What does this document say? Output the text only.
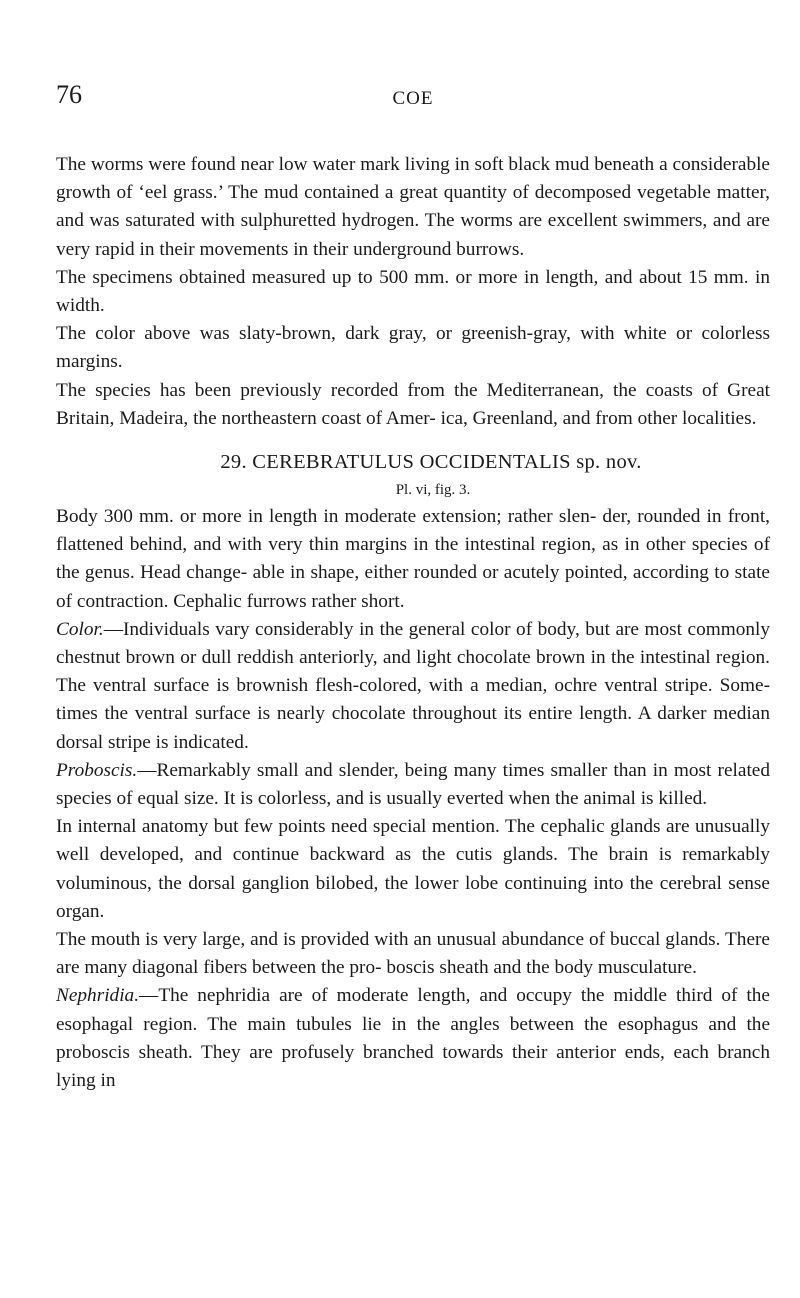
76	COE

The worms were found near low water mark living in soft black mud beneath a considerable growth of ‘eel grass.’ The mud contained a great quantity of decomposed vegetable matter, and was saturated with sulphuretted hydrogen. The worms are excellent swimmers, and are very rapid in their movements in their underground burrows.

The specimens obtained measured up to 500 mm. or more in length, and about 15 mm. in width.

The color above was slaty-brown, dark gray, or greenish-gray, with white or colorless margins.

The species has been previously recorded from the Mediterranean, the coasts of Great Britain, Madeira, the northeastern coast of Amer- ica, Greenland, and from other localities.

29. CEREBRATULUS OCCIDENTALIS sp. nov.
Pl. vi, fig. 3.

Body 300 mm. or more in length in moderate extension; rather slen- der, rounded in front, flattened behind, and with very thin margins in the intestinal region, as in other species of the genus. Head change- able in shape, either rounded or acutely pointed, according to state of contraction. Cephalic furrows rather short.

Color.—Individuals vary considerably in the general color of body, but are most commonly chestnut brown or dull reddish anteriorly, and light chocolate brown in the intestinal region. The ventral surface is brownish flesh-colored, with a median, ochre ventral stripe. Some- times the ventral surface is nearly chocolate throughout its entire length. A darker median dorsal stripe is indicated.

Proboscis.—Remarkably small and slender, being many times smaller than in most related species of equal size. It is colorless, and is usually everted when the animal is killed.

In internal anatomy but few points need special mention. The cephalic glands are unusually well developed, and continue backward as the cutis glands. The brain is remarkably voluminous, the dorsal ganglion bilobed, the lower lobe continuing into the cerebral sense organ.

The mouth is very large, and is provided with an unusual abundance of buccal glands. There are many diagonal fibers between the pro- boscis sheath and the body musculature.

Nephridia.—The nephridia are of moderate length, and occupy the middle third of the esophagal region. The main tubules lie in the angles between the esophagus and the proboscis sheath. They are profusely branched towards their anterior ends, each branch lying in
